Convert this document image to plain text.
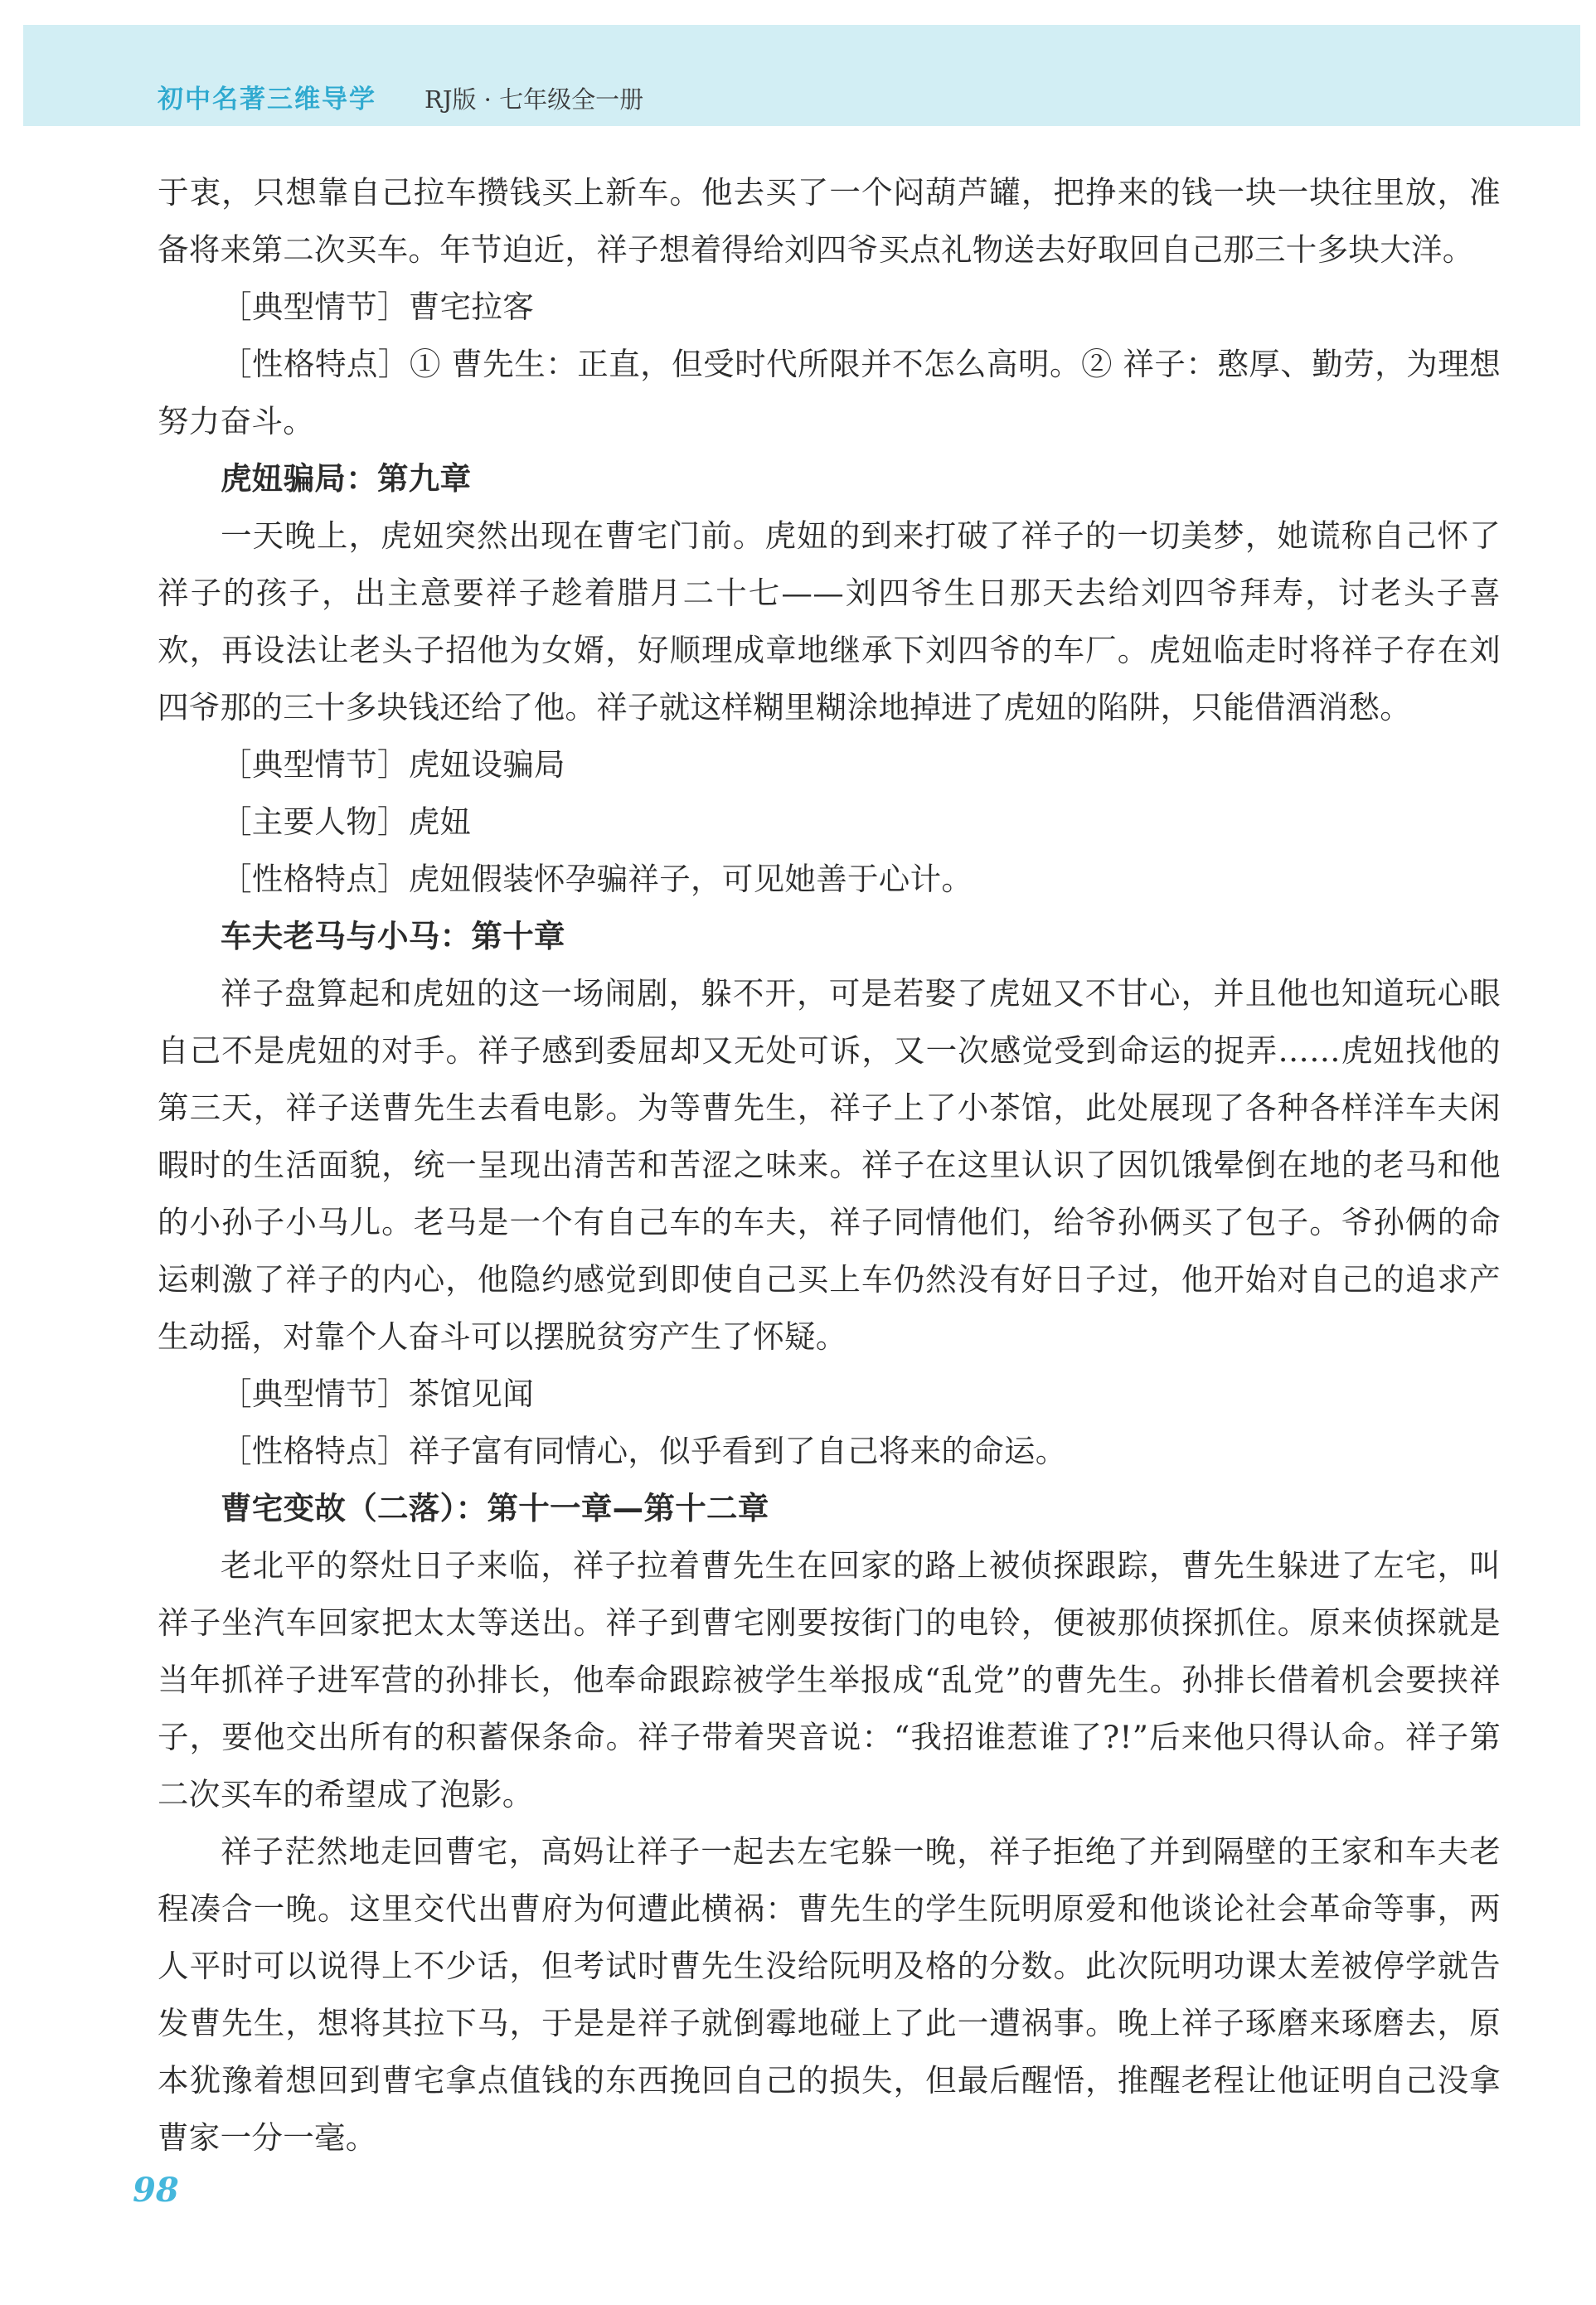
初中名著三维导学 RJ版 · 七年级全一册

于衷，只想靠自己拉车攒钱买上新车。他去买了一个闷葫芦罐，把挣来的钱一块一块往里放，准备将来第二次买车。年节迫近，祥子想着得给刘四爷买点礼物送去好取回自己那三十多块大洋。

［典型情节］曹宅拉客

［性格特点］① 曹先生：正直，但受时代所限并不怎么高明。② 祥子：憨厚、勤劳，为理想努力奋斗。

虎妞骗局：第九章

一天晚上，虎妞突然出现在曹宅门前。虎妞的到来打破了祥子的一切美梦，她谎称自己怀了祥子的孩子，出主意要祥子趁着腊月二十七——刘四爷生日那天去给刘四爷拜寿，讨老头子喜欢，再设法让老头子招他为女婿，好顺理成章地继承下刘四爷的车厂。虎妞临走时将祥子存在刘四爷那的三十多块钱还给了他。祥子就这样糊里糊涂地掉进了虎妞的陷阱，只能借酒消愁。

［典型情节］虎妞设骗局

［主要人物］虎妞

［性格特点］虎妞假装怀孕骗祥子，可见她善于心计。

车夫老马与小马：第十章

祥子盘算起和虎妞的这一场闹剧，躲不开，可是若娶了虎妞又不甘心，并且他也知道玩心眼自己不是虎妞的对手。祥子感到委屈却又无处可诉，又一次感觉受到命运的捉弄……虎妞找他的第三天，祥子送曹先生去看电影。为等曹先生，祥子上了小茶馆，此处展现了各种各样洋车夫闲暇时的生活面貌，统一呈现出清苦和苦涩之味来。祥子在这里认识了因饥饿晕倒在地的老马和他的小孙子小马儿。老马是一个有自己车的车夫，祥子同情他们，给爷孙俩买了包子。爷孙俩的命运刺激了祥子的内心，他隐约感觉到即使自己买上车仍然没有好日子过，他开始对自己的追求产生动摇，对靠个人奋斗可以摆脱贫穷产生了怀疑。

［典型情节］茶馆见闻

［性格特点］祥子富有同情心，似乎看到了自己将来的命运。

曹宅变故（二落）：第十一章—第十二章

老北平的祭灶日子来临，祥子拉着曹先生在回家的路上被侦探跟踪，曹先生躲进了左宅，叫祥子坐汽车回家把太太等送出。祥子到曹宅刚要按街门的电铃，便被那侦探抓住。原来侦探就是当年抓祥子进军营的孙排长，他奉命跟踪被学生举报成“乱党”的曹先生。孙排长借着机会要挟祥子，要他交出所有的积蓄保条命。祥子带着哭音说：“我招谁惹谁了?!”后来他只得认命。祥子第二次买车的希望成了泡影。

祥子茫然地走回曹宅，高妈让祥子一起去左宅躲一晚，祥子拒绝了并到隔壁的王家和车夫老程凑合一晚。这里交代出曹府为何遭此横祸：曹先生的学生阮明原爱和他谈论社会革命等事，两人平时可以说得上不少话，但考试时曹先生没给阮明及格的分数。此次阮明功课太差被停学就告发曹先生，想将其拉下马，于是是祥子就倒霉地碰上了此一遭祸事。晚上祥子琢磨来琢磨去，原本犹豫着想回到曹宅拿点值钱的东西挽回自己的损失，但最后醒悟，推醒老程让他证明自己没拿曹家一分一毫。

98
